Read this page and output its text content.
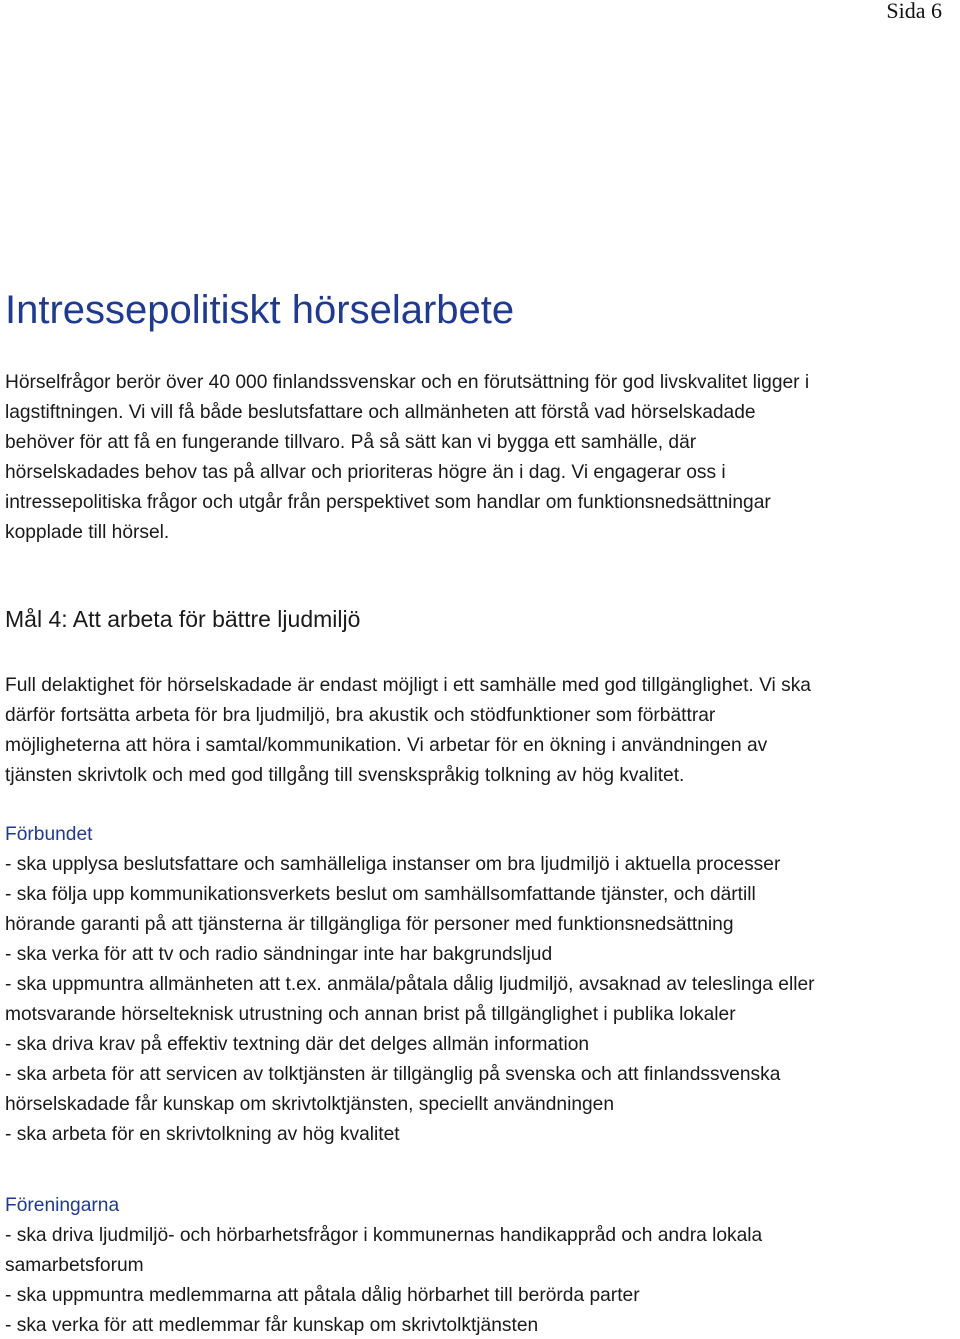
Sida 6
Intressepolitiskt hörselarbete

Hörselfrågor berör över 40 000 finlandssvenskar och en förutsättning för god livskvalitet ligger i
lagstiftningen. Vi vill få både beslutsfattare och allmänheten att förstå vad hörselskadade
behöver för att få en fungerande tillvaro. På så sätt kan vi bygga ett samhälle, där
hörselskadades behov tas på allvar och prioriteras högre än i dag. Vi engagerar oss i
intressepolitiska frågor och utgår från perspektivet som handlar om funktionsnedsättningar
kopplade till hörsel.

Mål 4: Att arbeta för bättre ljudmiljö

Full delaktighet för hörselskadade är endast möjligt i ett samhälle med god tillgänglighet. Vi ska
därför fortsätta arbeta för bra ljudmiljö, bra akustik och stödfunktioner som förbättrar
möjligheterna att höra i samtal/kommunikation. Vi arbetar för en ökning i användningen av
tjänsten skrivtolk och med god tillgång till svenskspråkig tolkning av hög kvalitet.

Förbundet
- ska upplysa beslutsfattare och samhälleliga instanser om bra ljudmiljö i aktuella processer
- ska följa upp kommunikationsverkets beslut om samhällsomfattande tjänster, och därtill
hörande garanti på att tjänsterna är tillgängliga för personer med funktionsnedsättning
- ska verka för att tv och radio sändningar inte har bakgrundsljud
- ska uppmuntra allmänheten att t.ex. anmäla/påtala dålig ljudmiljö, avsaknad av teleslinga eller
motsvarande hörselteknisk utrustning och annan brist på tillgänglighet i publika lokaler
- ska driva krav på effektiv textning där det delges allmän information
- ska arbeta för att servicen av tolktjänsten är tillgänglig på svenska och att finlandssvenska
hörselskadade får kunskap om skrivtolktjänsten, speciellt användningen
- ska arbeta för en skrivtolkning av hög kvalitet
Föreningarna
- ska driva ljudmiljö- och hörbarhetsfrågor i kommunernas handikappråd och andra lokala
samarbetsforum
- ska uppmuntra medlemmarna att påtala dålig hörbarhet till berörda parter
- ska verka för att medlemmar får kunskap om skrivtolktjänsten
